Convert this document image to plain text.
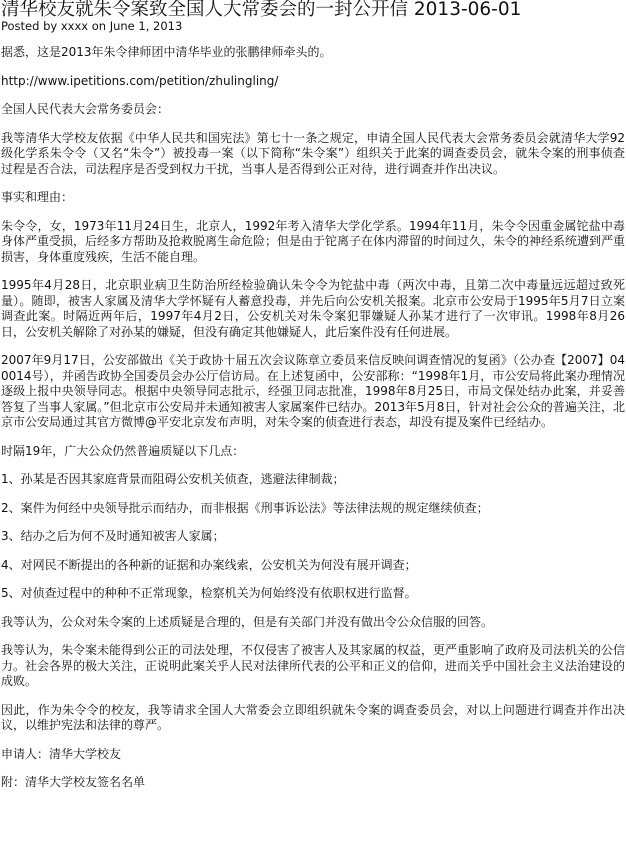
清华校友就朱令案致全国人大常委会的一封公开信 2013-06-01
Posted by xxxx on June 1, 2013

据悉，这是2013年朱令律师团中清华毕业的张鹏律师牵头的。

http://www.ipetitions.com/petition/zhulingling/

全国人民代表大会常务委员会：

我等清华大学校友依据《中华人民共和国宪法》第七十一条之规定，申请全国人民代表大会常务委员会就清华大学92级化学系朱令令（又名“朱令”）被投毒一案（以下简称“朱令案”）组织关于此案的调查委员会，就朱令案的刑事侦查过程是否合法，司法程序是否受到权力干扰，当事人是否得到公正对待，进行调查并作出决议。

事实和理由：

朱令令，女，1973年11月24日生，北京人，1992年考入清华大学化学系。1994年11月，朱令令因重金属铊盐中毒身体严重受损，后经多方帮助及抢救脱离生命危险；但是由于铊离子在体内滞留的时间过久，朱令的神经系统遭到严重损害，身体重度残疾，生活不能自理。

1995年4月28日，北京职业病卫生防治所经检验确认朱令令为铊盐中毒（两次中毒，且第二次中毒量远远超过致死量）。随即，被害人家属及清华大学怀疑有人蓄意投毒，并先后向公安机关报案。北京市公安局于1995年5月7日立案调查此案。时隔近两年后，1997年4月2日，公安机关对朱令案犯罪嫌疑人孙某才进行了一次审讯。1998年8月26日，公安机关解除了对孙某的嫌疑，但没有确定其他嫌疑人，此后案件没有任何进展。

2007年9月17日，公安部做出《关于政协十届五次会议陈章立委员来信反映问调查情况的复函》（公办查【2007】040014号），并函告政协全国委员会办公厅信访局。在上述复函中，公安部称：“1998年1月，市公安局将此案办理情况逐级上报中央领导同志。根据中央领导同志批示，经强卫同志批准，1998年8月25日，市局文保处结办此案，并妥善答复了当事人家属。”但北京市公安局并未通知被害人家属案件已结办。2013年5月8日，针对社会公众的普遍关注，北京市公安局通过其官方微博@平安北京发布声明，对朱令案的侦查进行表态，却没有提及案件已经结办。

时隔19年，广大公众仍然普遍质疑以下几点：

1、孙某是否因其家庭背景而阻碍公安机关侦查，逃避法律制裁；

2、案件为何经中央领导批示而结办，而非根据《刑事诉讼法》等法律法规的规定继续侦查；

3、结办之后为何不及时通知被害人家属；

4、对网民不断提出的各种新的证据和办案线索，公安机关为何没有展开调查；

5、对侦查过程中的种种不正常现象，检察机关为何始终没有依职权进行监督。

我等认为，公众对朱令案的上述质疑是合理的，但是有关部门并没有做出令公众信服的回答。

我等认为，朱令案未能得到公正的司法处理，不仅侵害了被害人及其家属的权益，更严重影响了政府及司法机关的公信力。社会各界的极大关注，正说明此案关乎人民对法律所代表的公平和正义的信仰，进而关乎中国社会主义法治建设的成败。

因此，作为朱令令的校友，我等请求全国人大常委会立即组织就朱令案的调查委员会，对以上问题进行调查并作出决议，以维护宪法和法律的尊严。

申请人：清华大学校友

附：清华大学校友签名名单
